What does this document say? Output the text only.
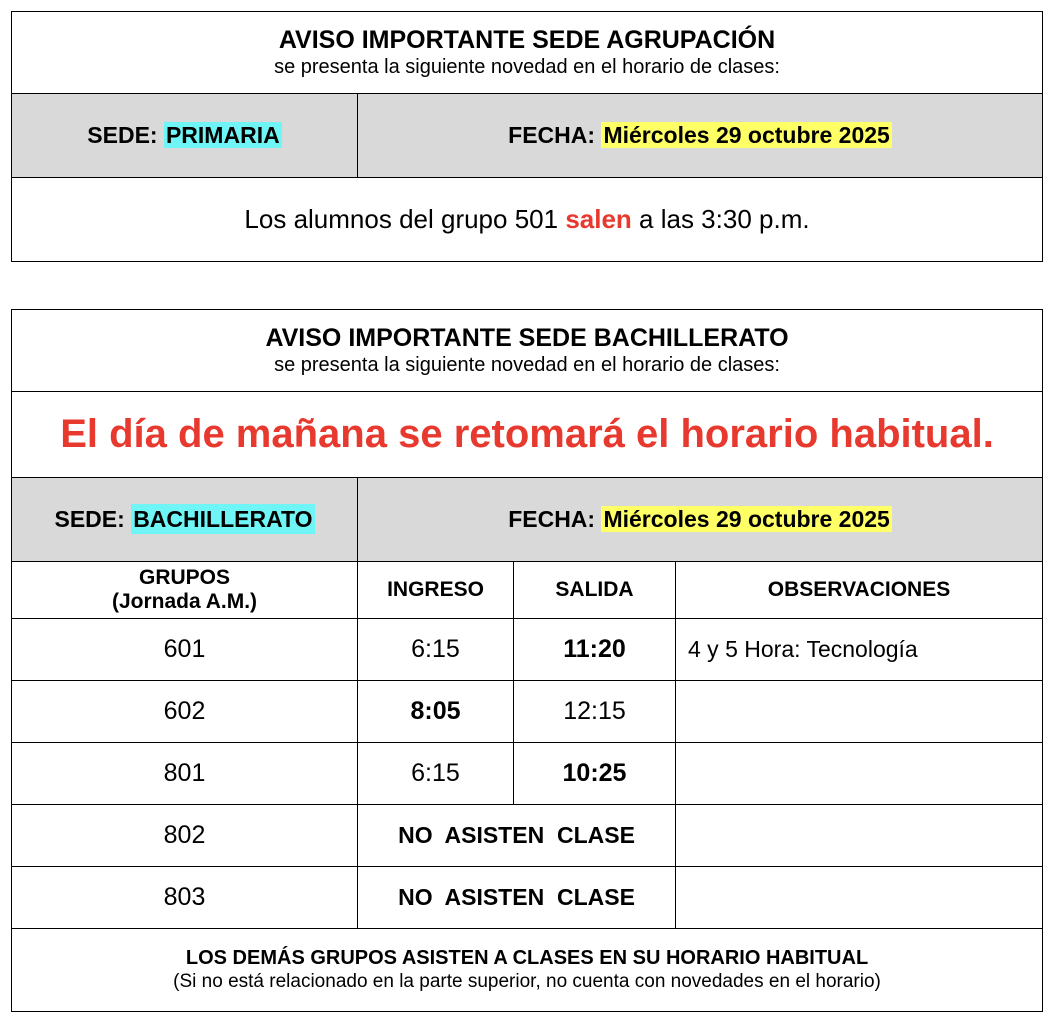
AVISO IMPORTANTE SEDE AGRUPACIÓN
se presenta la siguiente novedad en el horario de clases:

SEDE: PRIMARIA	FECHA: Miércoles 29 octubre 2025
Los alumnos del grupo 501 salen a las 3:30 p.m.
AVISO IMPORTANTE SEDE BACHILLERATO
se presenta la siguiente novedad en el horario de clases:			

El día de mañana se retomará el horario habitual.			
SEDE: BACHILLERATO	FECHA: Miércoles 29 octubre 2025		

GRUPOS
(Jornada A.M.)	INGRESO	SALIDA	OBSERVACIONES
601	6:15	11:20	4 y 5 Hora: Tecnología
602	8:05	12:15	
801	6:15	10:25	
802	NO  ASISTEN  CLASE		
803	NO  ASISTEN  CLASE		

LOS DEMÁS GRUPOS ASISTEN A CLASES EN SU HORARIO HABITUAL
(Si no está relacionado en la parte superior, no cuenta con novedades en el horario)			
